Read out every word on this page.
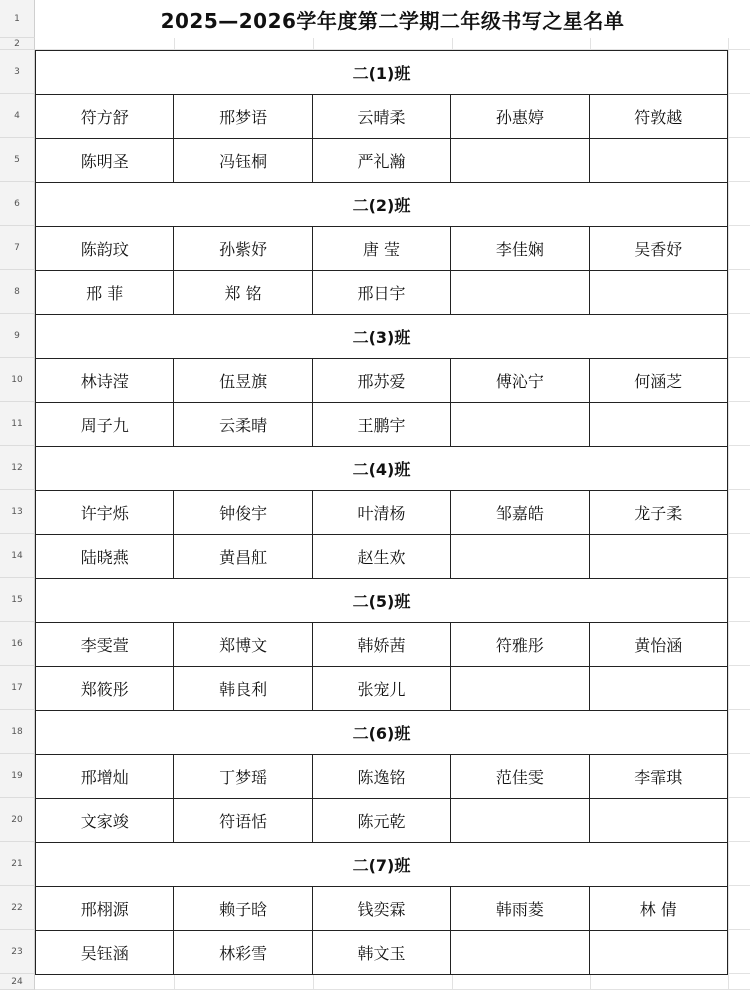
1
2
3
4
5
6
7
8
9
10
11
12
13
14
15
16
17
18
19
20
21
22
23
24
2025—2026学年度第二学期二年级书写之星名单
二(1)班
符方舒	邢梦语	云晴柔	孙惠婷	符敦越
陈明圣	冯钰桐	严礼瀚
二(2)班
陈韵玟	孙紫妤	唐 莹	李佳娴	吴香妤
邢 菲	郑 铭	邢日宇
二(3)班
林诗滢	伍昱旗	邢苏爱	傅沁宁	何涵芝
周子九	云柔晴	王鹏宇
二(4)班
许宇烁	钟俊宇	叶清杨	邹嘉皓	龙子柔
陆晓燕	黄昌舡	赵生欢
二(5)班
李雯萱	郑博文	韩娇茜	符雅彤	黄怡涵
郑筱彤	韩良利	张宠儿
二(6)班
邢增灿	丁梦瑶	陈逸铭	范佳雯	李霏琪
文家竣	符语恬	陈元乾
二(7)班
邢栩源	赖子晗	钱奕霖	韩雨菱	林 倩
吴钰涵	林彩雪	韩文玉
